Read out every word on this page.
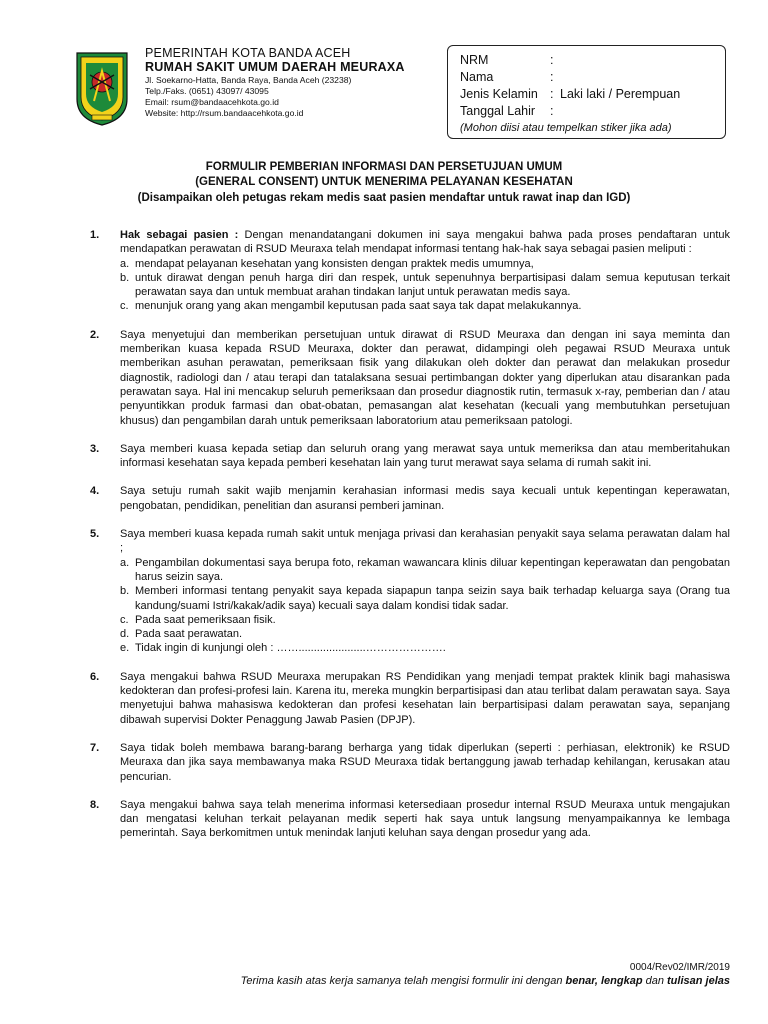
PEMERINTAH KOTA BANDA ACEH
RUMAH SAKIT UMUM DAERAH MEURAXA
Jl. Soekarno-Hatta, Banda Raya, Banda Aceh (23238)
Telp./Faks. (0651) 43097/ 43095
Email: rsum@bandaacehkota.go.id
Website: http://rsum.bandaacehkota.go.id
NRM	:
Nama	:
Jenis Kelamin : Laki laki / Perempuan
Tanggal Lahir	:
(Mohon diisi atau tempelkan stiker jika ada)
FORMULIR PEMBERIAN INFORMASI DAN PERSETUJUAN UMUM
(GENERAL CONSENT) UNTUK MENERIMA PELAYANAN KESEHATAN
(Disampaikan oleh petugas rekam medis saat pasien mendaftar untuk rawat inap dan IGD)
1. Hak sebagai pasien : Dengan menandatangani dokumen ini saya mengakui bahwa pada proses pendaftaran untuk mendapatkan perawatan di RSUD Meuraxa telah mendapat informasi tentang hak-hak saya sebagai pasien meliputi :
a. mendapat pelayanan kesehatan yang konsisten dengan praktek medis umumnya,
b. untuk dirawat dengan penuh harga diri dan respek, untuk sepenuhnya berpartisipasi dalam semua keputusan terkait perawatan saya dan untuk membuat arahan tindakan lanjut untuk perawatan medis saya.
c. menunjuk orang yang akan mengambil keputusan pada saat saya tak dapat melakukannya.
2. Saya menyetujui dan memberikan persetujuan untuk dirawat di RSUD Meuraxa dan dengan ini saya meminta dan memberikan kuasa kepada RSUD Meuraxa, dokter dan perawat, didampingi oleh pegawai RSUD Meuraxa untuk memberikan asuhan perawatan, pemeriksaan fisik yang dilakukan oleh dokter dan perawat dan melakukan prosedur diagnostik, radiologi dan / atau terapi dan tatalaksana sesuai pertimbangan dokter yang diperlukan atau disarankan pada perawatan saya. Hal ini mencakup seluruh pemeriksaan dan prosedur diagnostik rutin, termasuk x-ray, pemberian dan / atau penyuntikkan produk farmasi dan obat-obatan, pemasangan alat kesehatan (kecuali yang membutuhkan persetujuan khusus) dan pengambilan darah untuk pemeriksaan laboratorium atau pemeriksaan patologi.
3. Saya memberi kuasa kepada setiap dan seluruh orang yang merawat saya untuk memeriksa dan atau memberitahukan informasi kesehatan saya kepada pemberi kesehatan lain yang turut merawat saya selama di rumah sakit ini.
4. Saya setuju rumah sakit wajib menjamin kerahasian informasi medis saya kecuali untuk kepentingan keperawatan, pengobatan, pendidikan, penelitian dan asuransi pemberi jaminan.
5. Saya memberi kuasa kepada rumah sakit untuk menjaga privasi dan kerahasian penyakit saya selama perawatan dalam hal ;
a. Pengambilan dokumentasi saya berupa foto, rekaman wawancara klinis diluar kepentingan keperawatan dan pengobatan harus seizin saya.
b. Memberi informasi tentang penyakit saya kepada siapapun tanpa seizin saya baik terhadap keluarga saya (Orang tua kandung/suami Istri/kakak/adik saya) kecuali saya dalam kondisi tidak sadar.
c. Pada saat pemeriksaan fisik.
d. Pada saat perawatan.
e. Tidak ingin di kunjungi oleh : ……......................………………….
6. Saya mengakui bahwa RSUD Meuraxa merupakan RS Pendidikan yang menjadi tempat praktek klinik bagi mahasiswa kedokteran dan profesi-profesi lain. Karena itu, mereka mungkin berpartisipasi dan atau terlibat dalam perawatan saya. Saya menyetujui bahwa mahasiswa kedokteran dan profesi kesehatan lain berpartisipasi dalam perawatan saya, sepanjang dibawah supervisi Dokter Penaggung Jawab Pasien (DPJP).
7. Saya tidak boleh membawa barang-barang berharga yang tidak diperlukan (seperti : perhiasan, elektronik) ke RSUD Meuraxa dan jika saya membawanya maka RSUD Meuraxa tidak bertanggung jawab terhadap kehilangan, kerusakan atau pencurian.
8. Saya mengakui bahwa saya telah menerima informasi ketersediaan prosedur internal RSUD Meuraxa untuk mengajukan dan mengatasi keluhan terkait pelayanan medik seperti hak saya untuk langsung menyampaikannya ke lembaga pemerintah. Saya berkomitmen untuk menindak lanjuti keluhan saya dengan prosedur yang ada.
0004/Rev02/IMR/2019
Terima kasih atas kerja samanya telah mengisi formulir ini dengan benar, lengkap dan tulisan jelas
